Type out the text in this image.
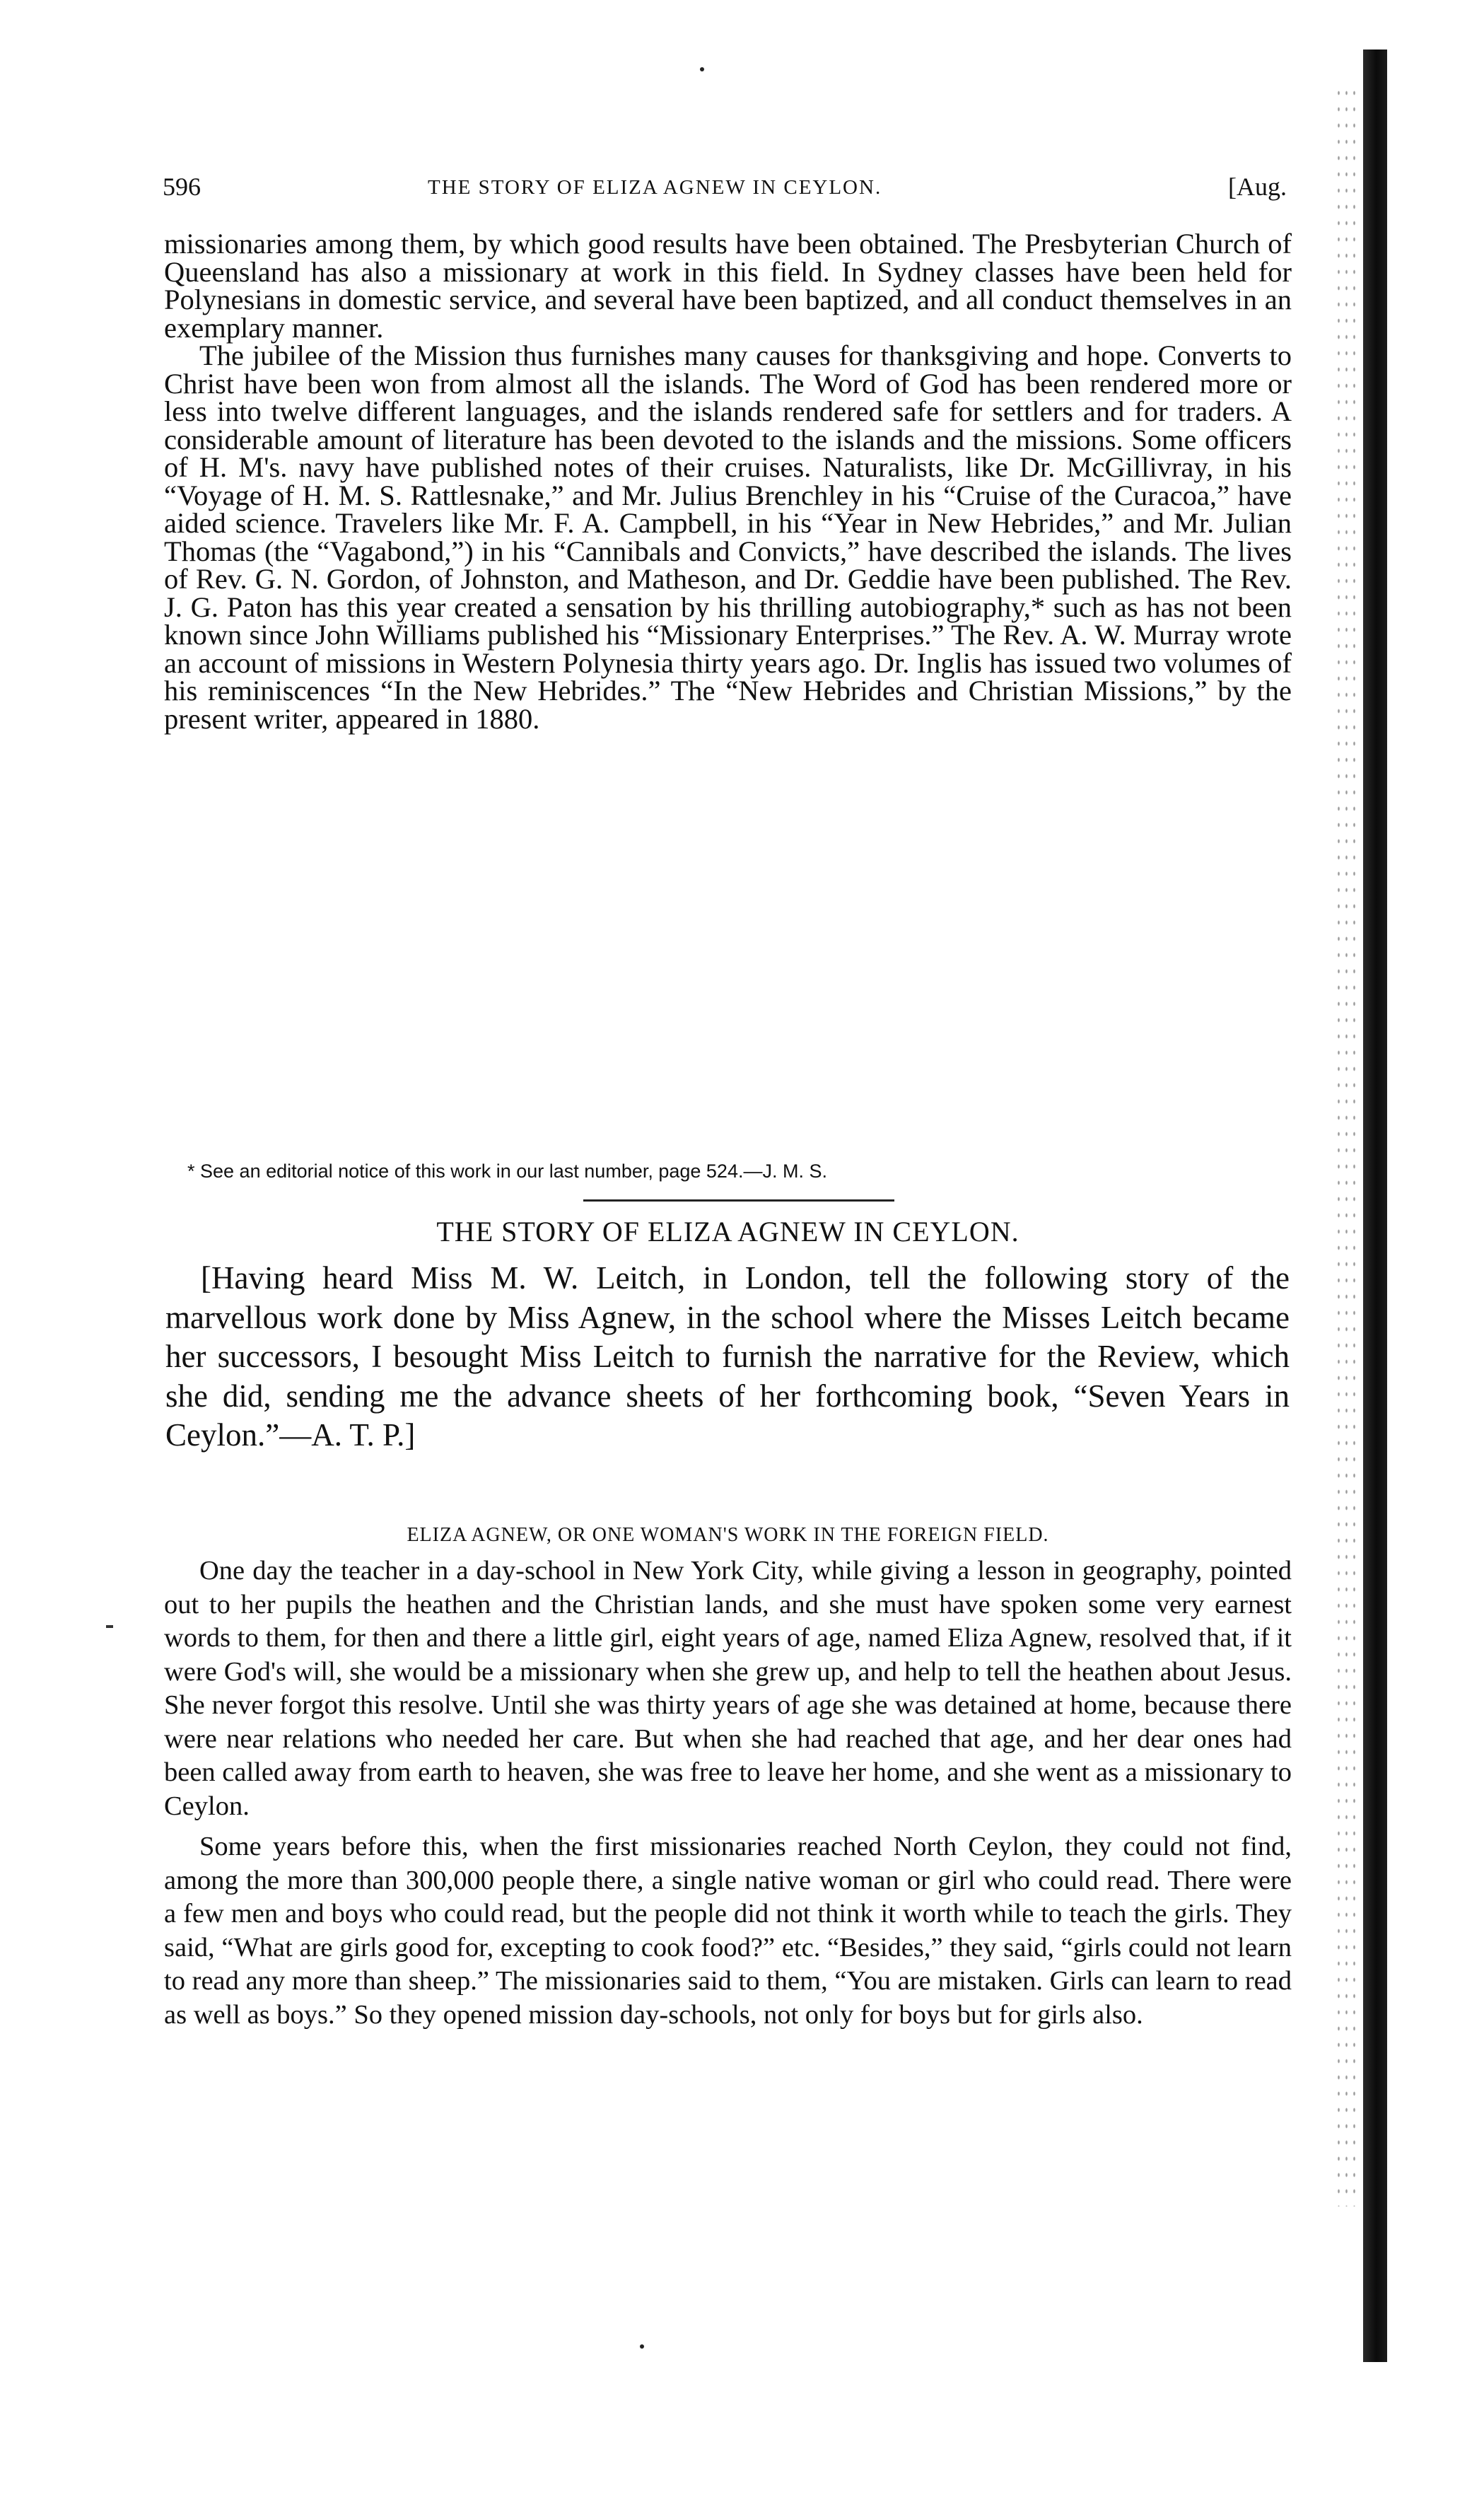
596	THE STORY OF ELIZA AGNEW IN CEYLON.	[Aug.

missionaries among them, by which good results have been obtained. The Presbyterian Church of Queensland has also a missionary at work in this field. In Sydney classes have been held for Polynesians in domestic service, and several have been baptized, and all conduct themselves in an exemplary manner.

The jubilee of the Mission thus furnishes many causes for thanksgiving and hope. Converts to Christ have been won from almost all the islands. The Word of God has been rendered more or less into twelve different languages, and the islands rendered safe for settlers and for traders. A considerable amount of literature has been devoted to the islands and the missions. Some officers of H. M's. navy have published notes of their cruises. Naturalists, like Dr. McGillivray, in his “Voyage of H. M. S. Rattlesnake,” and Mr. Julius Brenchley in his “Cruise of the Curacoa,” have aided science. Travelers like Mr. F. A. Campbell, in his “Year in New Hebrides,” and Mr. Julian Thomas (the “Vagabond,”) in his “Cannibals and Convicts,” have described the islands. The lives of Rev. G. N. Gordon, of Johnston, and Matheson, and Dr. Geddie have been published. The Rev. J. G. Paton has this year created a sensation by his thrilling autobiography,* such as has not been known since John Williams published his “Missionary Enterprises.” The Rev. A. W. Murray wrote an account of missions in Western Polynesia thirty years ago. Dr. Inglis has issued two volumes of his reminiscences “In the New Hebrides.” The “New Hebrides and Christian Missions,” by the present writer, appeared in 1880.

* See an editorial notice of this work in our last number, page 524.—J. M. S.
THE STORY OF ELIZA AGNEW IN CEYLON.

[Having heard Miss M. W. Leitch, in London, tell the following story of the marvellous work done by Miss Agnew, in the school where the Misses Leitch became her successors, I besought Miss Leitch to furnish the narrative for the Review, which she did, sending me the advance sheets of her forthcoming book, “Seven Years in Ceylon.”—A. T. P.]

ELIZA AGNEW, OR ONE WOMAN'S WORK IN THE FOREIGN FIELD.

One day the teacher in a day-school in New York City, while giving a lesson in geography, pointed out to her pupils the heathen and the Christian lands, and she must have spoken some very earnest words to them, for then and there a little girl, eight years of age, named Eliza Agnew, resolved that, if it were God's will, she would be a missionary when she grew up, and help to tell the heathen about Jesus. She never forgot this resolve. Until she was thirty years of age she was detained at home, because there were near relations who needed her care. But when she had reached that age, and her dear ones had been called away from earth to heaven, she was free to leave her home, and she went as a missionary to Ceylon.

Some years before this, when the first missionaries reached North Ceylon, they could not find, among the more than 300,000 people there, a single native woman or girl who could read. There were a few men and boys who could read, but the people did not think it worth while to teach the girls. They said, “What are girls good for, excepting to cook food?” etc. “Besides,” they said, “girls could not learn to read any more than sheep.” The missionaries said to them, “You are mistaken. Girls can learn to read as well as boys.” So they opened mission day-schools, not only for boys but for girls also.
